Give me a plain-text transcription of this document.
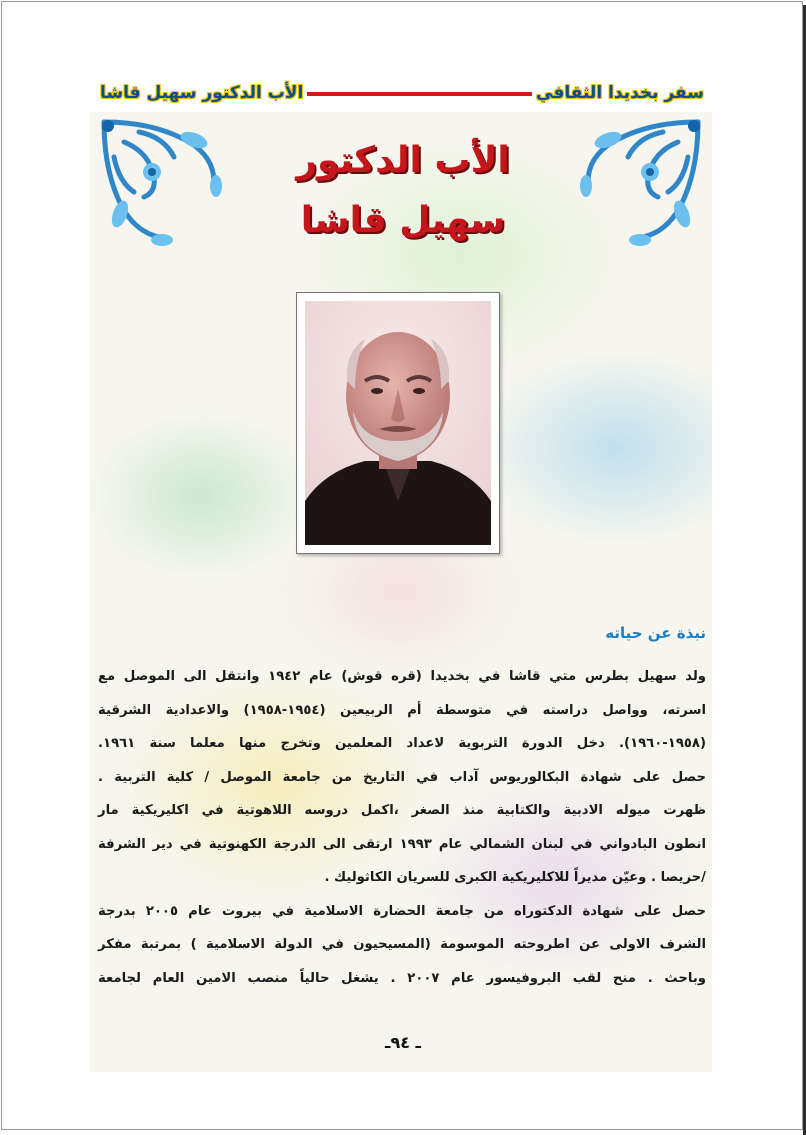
سفر بخديدا الثقافي
الأب الدكتور سهيل قاشا
الأب الدكتور
سهيل قاشا
نبذة عن حياته
ولد سهيل بطرس متي قاشا في بخديدا (قره قوش) عام ١٩٤٢ وانتقل الى الموصل مع
اسرته، وواصل دراسته في متوسطة أم الربيعين (١٩٥٤-١٩٥٨) والاعدادية الشرقية
(١٩٥٨-١٩٦٠). دخل الدورة التربوية لاعداد المعلمين وتخرج منها معلما سنة ١٩٦١.
حصل على شهادة البكالوريوس آداب في التاريخ من جامعة الموصل / كلية التربية .
ظهرت ميوله الادبية والكتابية منذ الصغر ،اكمل دروسه اللاهوتية في اكليريكية مار
انطون البادواني في لبنان الشمالي عام ١٩٩٣ ارتقى الى الدرجة الكهنوتية في دير الشرفة
/حريصا . وعيّن مديراً للاكليريكية الكبرى للسريان الكاثوليك .
حصل على شهادة الدكتوراه من جامعة الحضارة الاسلامية في بيروت عام ٢٠٠٥ بدرجة
الشرف الاولى عن اطروحته الموسومة (المسيحيون في الدولة الاسلامية ) بمرتبة مفكر
وباحث . منح لقب البروفيسور عام ٢٠٠٧ . يشغل حالياً منصب الامين العام لجامعة
ـ ٩٤ـ
